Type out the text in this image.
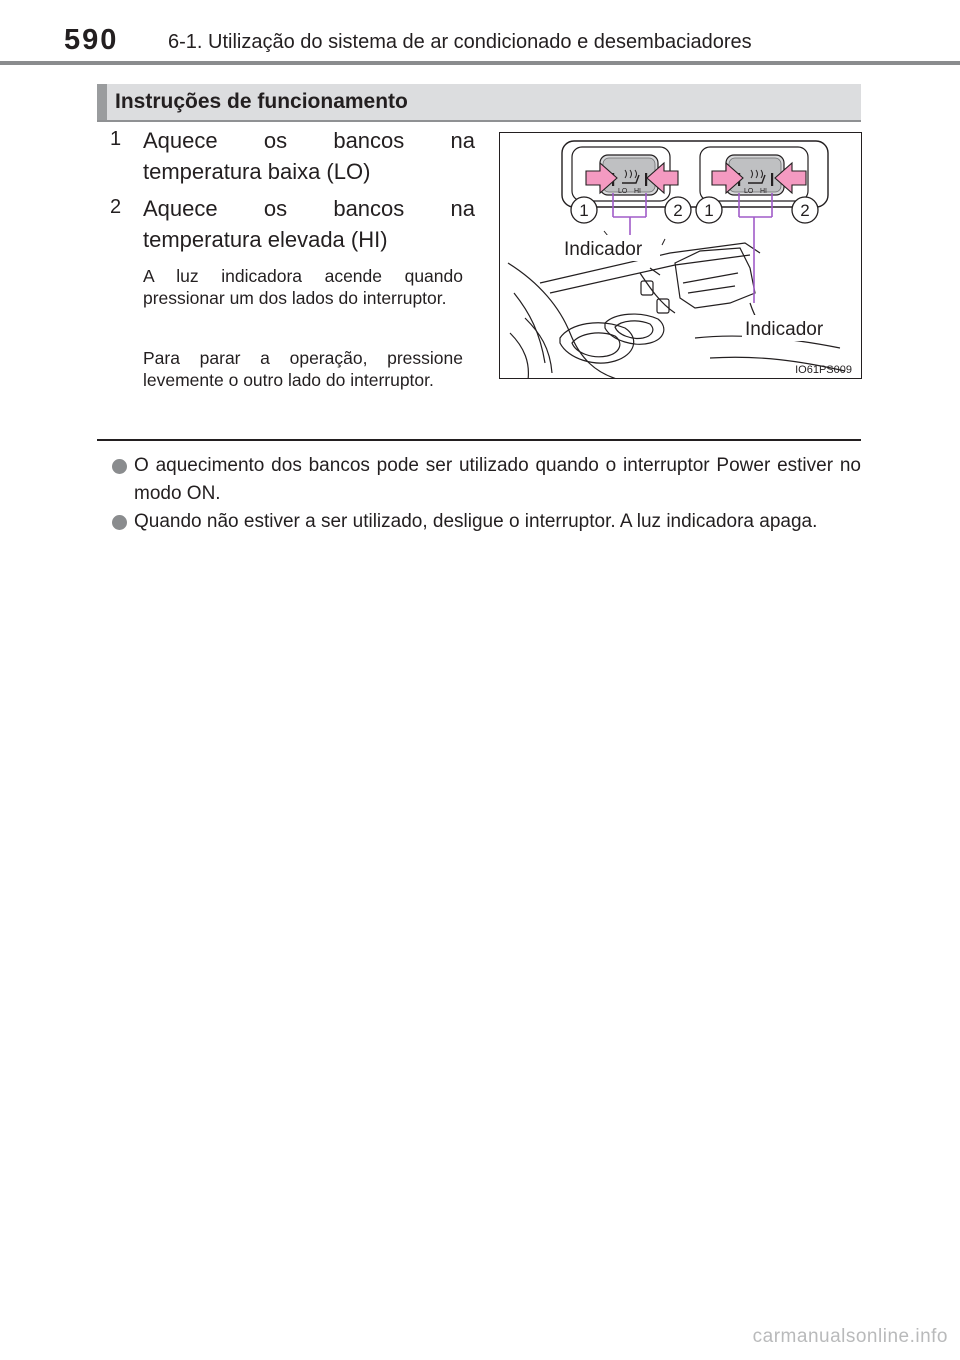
590 6-1. Utilização do sistema de ar condicionado e desembaciadores
Instruções de funcionamento
1 Aquece os bancos na temperatura baixa (LO)
2 Aquece os bancos na temperatura elevada (HI)
A luz indicadora acende quando pressionar um dos lados do interruptor.
Para parar a operação, pressione levemente o outro lado do interruptor.
LO HI	LO HI
1	2 1	2
Indicador
Indicador
IO61PS009
O aquecimento dos bancos pode ser utilizado quando o interruptor Power estiver no modo ON.
Quando não estiver a ser utilizado, desligue o interruptor. A luz indicadora apaga.
carmanualsonline.info
